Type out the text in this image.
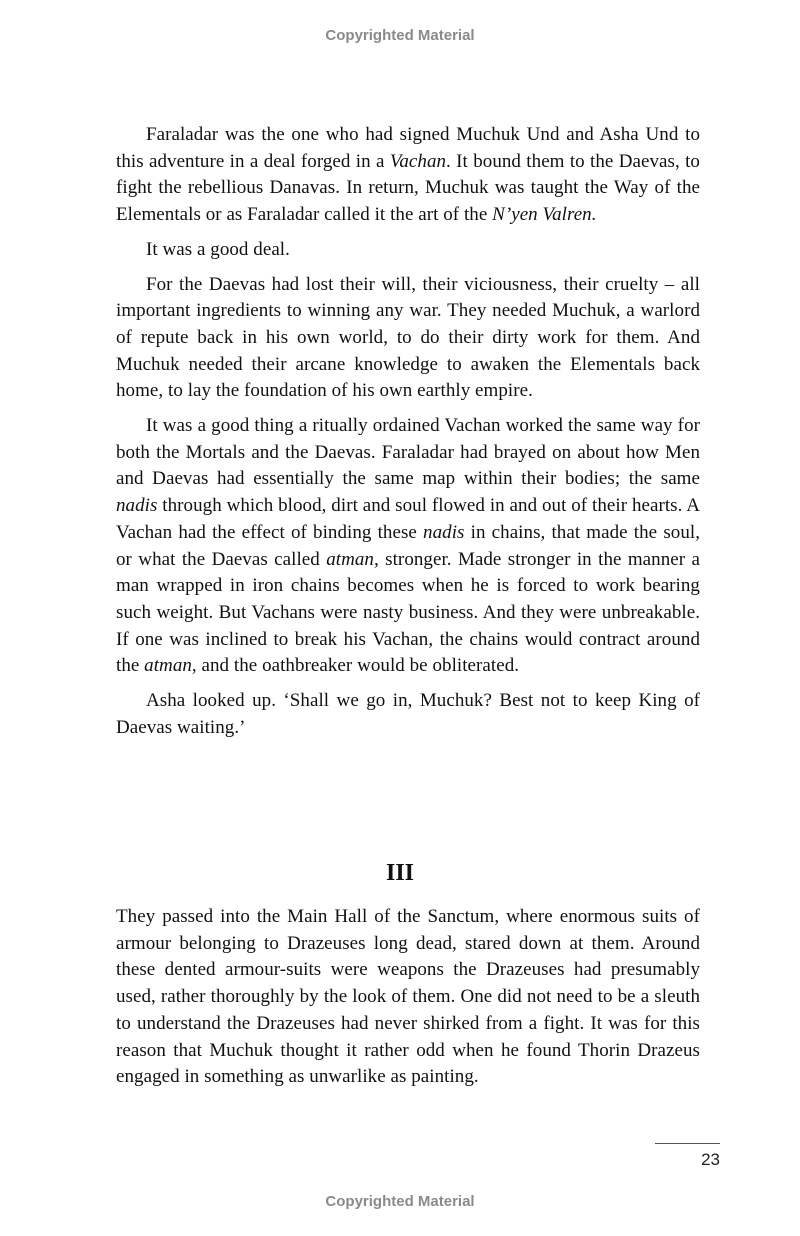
Copyrighted Material

Faraladar was the one who had signed Muchuk Und and Asha Und to this adventure in a deal forged in a Vachan. It bound them to the Daevas, to fight the rebellious Danavas. In return, Muchuk was taught the Way of the Elementals or as Faraladar called it the art of the N’yen Valren.

It was a good deal.

For the Daevas had lost their will, their viciousness, their cruelty – all important ingredients to winning any war. They needed Muchuk, a warlord of repute back in his own world, to do their dirty work for them. And Muchuk needed their arcane knowledge to awaken the Elementals back home, to lay the foundation of his own earthly empire.

It was a good thing a ritually ordained Vachan worked the same way for both the Mortals and the Daevas. Faraladar had brayed on about how Men and Daevas had essentially the same map within their bodies; the same nadis through which blood, dirt and soul flowed in and out of their hearts. A Vachan had the effect of binding these nadis in chains, that made the soul, or what the Daevas called atman, stronger. Made stronger in the manner a man wrapped in iron chains becomes when he is forced to work bearing such weight. But Vachans were nasty business. And they were unbreakable. If one was inclined to break his Vachan, the chains would contract around the atman, and the oathbreaker would be obliterated.

Asha looked up. ‘Shall we go in, Muchuk? Best not to keep King of Daevas waiting.’

III

They passed into the Main Hall of the Sanctum, where enormous suits of armour belonging to Drazeuses long dead, stared down at them. Around these dented armour-suits were weapons the Drazeuses had presumably used, rather thoroughly by the look of them. One did not need to be a sleuth to understand the Drazeuses had never shirked from a fight. It was for this reason that Muchuk thought it rather odd when he found Thorin Drazeus engaged in something as unwarlike as painting.

23
Copyrighted Material
